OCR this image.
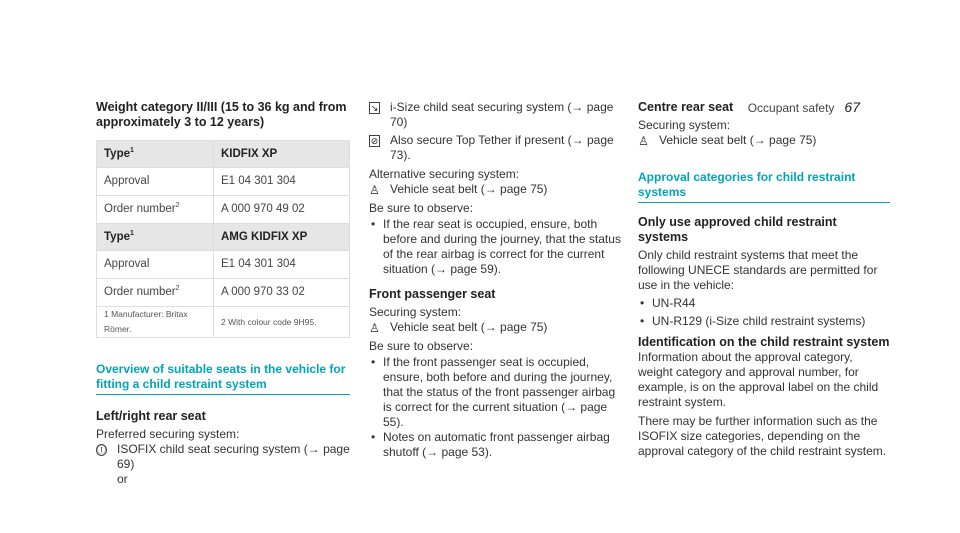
Occupant safety 67
Weight category II/III (15 to 36 kg and from approximately 3 to 12 years)
Type$^1$	KIDFIX XP
Approval	E1 04 301 304
Order number$^2$	A 000 970 49 02
Type$^1$	AMG KIDFIX XP
Approval	E1 04 301 304
Order number$^2$	A 000 970 33 02
1 Manufacturer: Britax Römer.	2 With colour code 9H95.
Overview of suitable seats in the vehicle for fitting a child restraint system
Left/right rear seat

Preferred securing system:

Ⓘ ISOFIX child seat securing system (→ page 69)

or

↘ i-Size child seat securing system (→ page 70)
⊘ Also secure Top Tether if present (→ page 73).

Alternative securing system:

♙ Vehicle seat belt (→ page 75)

Be sure to observe:

• If the rear seat is occupied, ensure, both before and during the journey, that the status of the rear airbag is correct for the current situation (→ page 59).
Front passenger seat

Securing system:

♙ Vehicle seat belt (→ page 75)

Be sure to observe:

• If the front passenger seat is occupied, ensure, both before and during the journey, that the status of the front passenger airbag is correct for the current situation (→ page 55).
• Notes on automatic front passenger airbag shutoff (→ page 53).
Centre rear seat

Securing system:

♙ Vehicle seat belt (→ page 75)
Approval categories for child restraint systems
Only use approved child restraint systems

Only child restraint systems that meet the following UNECE standards are permitted for use in the vehicle:

• UN-R44
• UN-R129 (i-Size child restraint systems)
Identification on the child restraint system

Information about the approval category, weight category and approval number, for example, is on the approval label on the child restraint system.

There may be further information such as the ISOFIX size categories, depending on the approval category of the child restraint system.
